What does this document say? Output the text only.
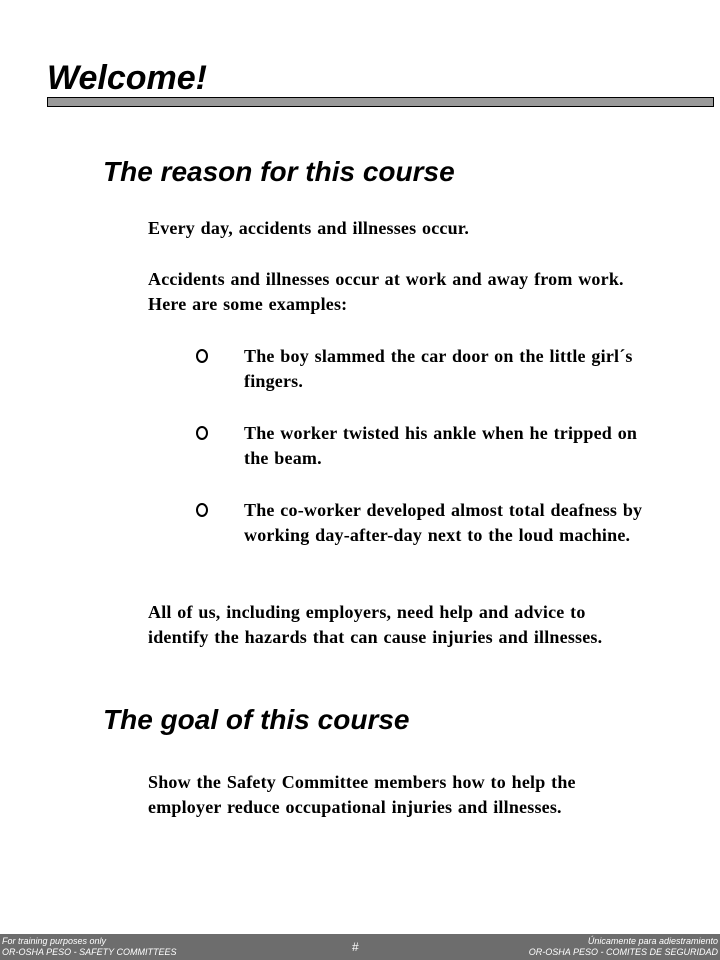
Welcome!
The reason for this course
Every day, accidents and illnesses occur.
Accidents and illnesses occur at work and away from work. Here are some examples:
The boy slammed the car door on the little girl´s fingers.
The worker twisted his ankle when he tripped on the beam.
The co-worker developed almost total deafness by working day-after-day next to the loud machine.
All of us, including employers, need help and advice to identify the hazards that can cause injuries and illnesses.
The goal of this course
Show the Safety Committee members how to help the employer reduce occupational injuries and illnesses.
For training purposes only
OR-OSHA PESO - SAFETY COMMITTEES	#	Únicamente para adiestramiento
OR-OSHA PESO - COMITES DE SEGURIDAD
